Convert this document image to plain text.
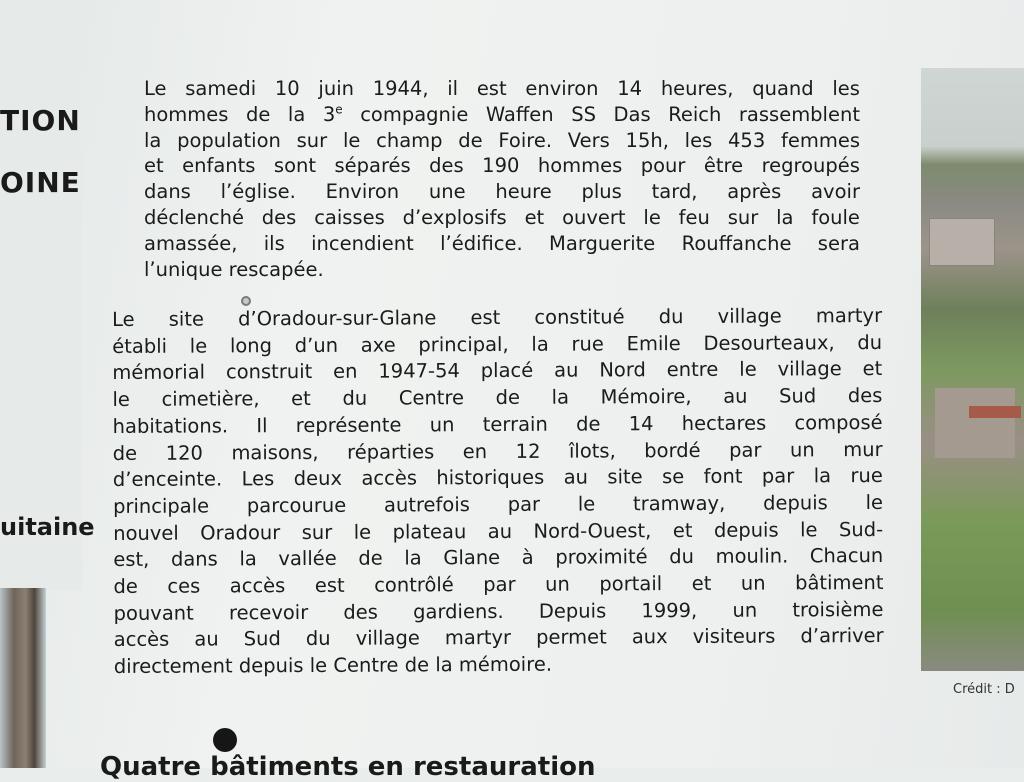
TION
OINE
uitaine
Le samedi 10 juin 1944, il est environ 14 heures, quand les
hommes de la 3e compagnie Waffen SS Das Reich rassemblent
la population sur le champ de Foire. Vers 15h, les 453 femmes
et enfants sont séparés des 190 hommes pour être regroupés
dans l’église. Environ une heure plus tard, après avoir
déclenché des caisses d’explosifs et ouvert le feu sur la foule
amassée, ils incendient l’édifice. Marguerite Rouffanche sera
l’unique rescapée.
Le site d’Oradour-sur-Glane est constitué du village martyr
établi le long d’un axe principal, la rue Emile Desourteaux, du
mémorial construit en 1947-54 placé au Nord entre le village et
le cimetière, et du Centre de la Mémoire, au Sud des
habitations. Il représente un terrain de 14 hectares composé
de 120 maisons, réparties en 12 îlots, bordé par un mur
d’enceinte. Les deux accès historiques au site se font par la rue
principale parcourue autrefois par le tramway, depuis le
nouvel Oradour sur le plateau au Nord-Ouest, et depuis le Sud-
est, dans la vallée de la Glane à proximité du moulin. Chacun
de ces accès est contrôlé par un portail et un bâtiment
pouvant recevoir des gardiens. Depuis 1999, un troisième
accès au Sud du village martyr permet aux visiteurs d’arriver
directement depuis le Centre de la mémoire.
Crédit : D
Quatre bâtiments en restauration
